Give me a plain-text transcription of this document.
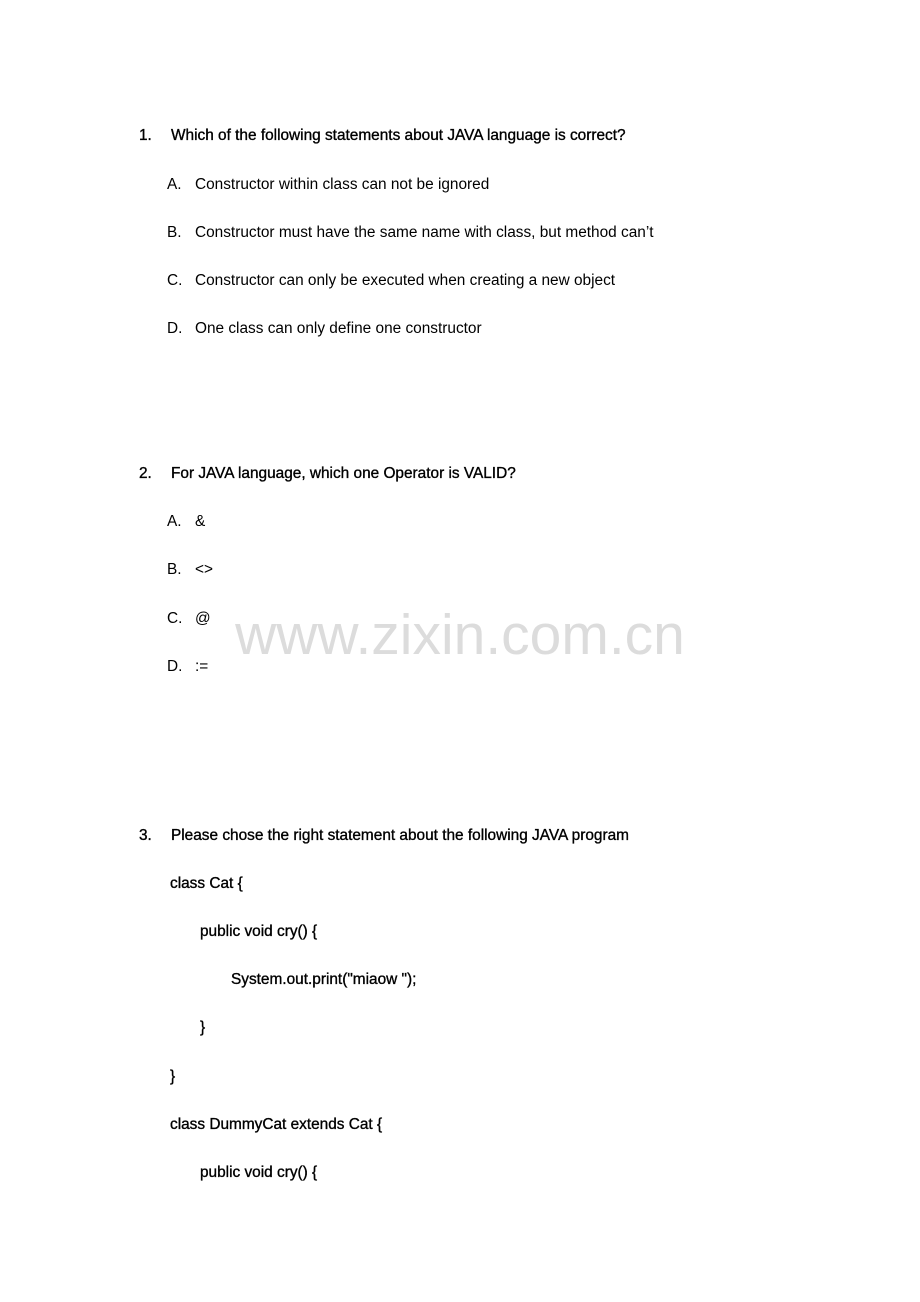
1. Which of the following statements about JAVA language is correct?
A. Constructor within class can not be ignored
B. Constructor must have the same name with class, but method can’t
C. Constructor can only be executed when creating a new object
D. One class can only define one constructor
2. For JAVA language, which one Operator is VALID?
A. &
B. <>
C. @
D. :=
3. Please chose the right statement about the following JAVA program
class Cat {
public void cry() {
System.out.print("miaow ");
}
}
class DummyCat extends Cat {
public void cry() {
www.zixin.com.cn
